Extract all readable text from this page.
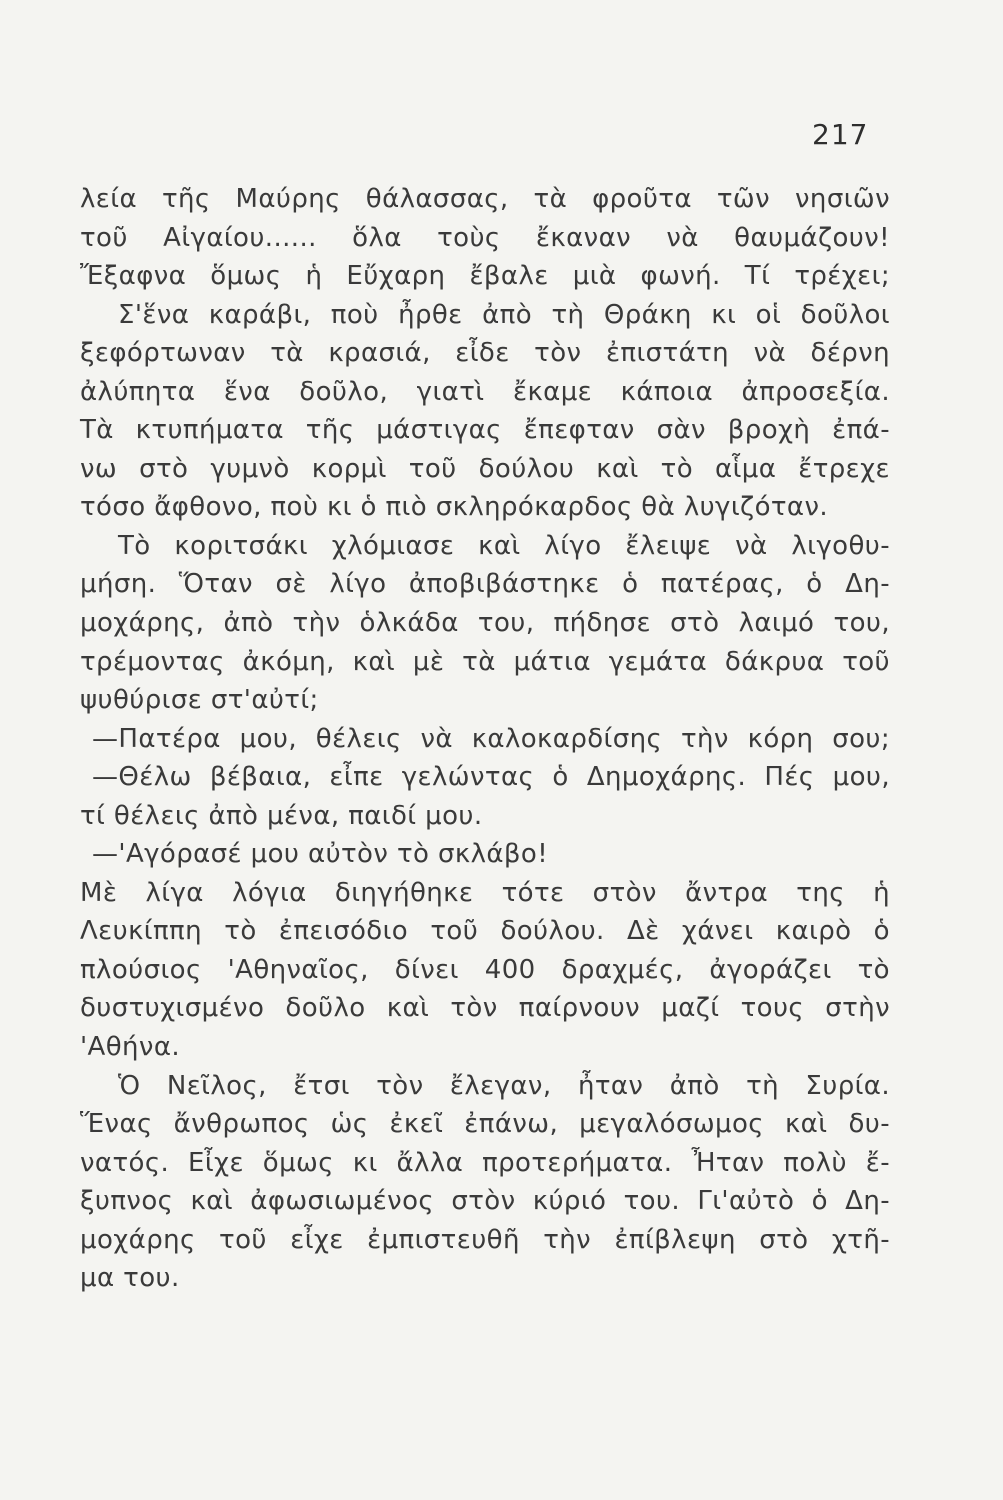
217
λεία τῆς Μαύρης θάλασσας, τὰ φροῦτα τῶν νησιῶν
τοῦ Αἰγαίου...... ὅλα τοὺς ἔκαναν νὰ θαυμάζουν!
Ἔξαφνα ὅμως ἡ Εὔχαρη ἔβαλε μιὰ φωνή. Τί τρέχει;
Σ'ἕνα καράβι, ποὺ ἦρθε ἀπὸ τὴ Θράκη κι οἱ δοῦλοι
ξεφόρτωναν τὰ κρασιά, εἶδε τὸν ἐπιστάτη νὰ δέρνη
ἀλύπητα ἕνα δοῦλο, γιατὶ ἔκαμε κάποια ἀπροσεξία.
Τὰ κτυπήματα τῆς μάστιγας ἔπεφταν σὰν βροχὴ ἐπά-
νω στὸ γυμνὸ κορμὶ τοῦ δούλου καὶ τὸ αἷμα ἔτρεχε
τόσο ἄφθονο, ποὺ κι ὁ πιὸ σκληρόκαρδος θὰ λυγιζόταν.
Τὸ κοριτσάκι χλόμιασε καὶ λίγο ἔλειψε νὰ λιγοθυ-
μήση. Ὅταν σὲ λίγο ἀποβιβάστηκε ὁ πατέρας, ὁ Δη-
μοχάρης, ἀπὸ τὴν ὁλκάδα του, πήδησε στὸ λαιμό του,
τρέμοντας ἀκόμη, καὶ μὲ τὰ μάτια γεμάτα δάκρυα τοῦ
ψυθύρισε στ'αὐτί;
—Πατέρα μου, θέλεις νὰ καλοκαρδίσης τὴν κόρη σου;
—Θέλω βέβαια, εἶπε γελώντας ὁ Δημοχάρης. Πές μου,
τί θέλεις ἀπὸ μένα, παιδί μου.
—'Αγόρασέ μου αὐτὸν τὸ σκλάβο!
Μὲ λίγα λόγια διηγήθηκε τότε στὸν ἄντρα της ἡ
Λευκίππη τὸ ἐπεισόδιο τοῦ δούλου. Δὲ χάνει καιρὸ ὁ
πλούσιος 'Αθηναῖος, δίνει 400 δραχμές, ἀγοράζει τὸ
δυστυχισμένο δοῦλο καὶ τὸν παίρνουν μαζί τους στὴν
'Αθήνα.
Ὁ Νεῖλος, ἔτσι τὸν ἔλεγαν, ἦταν ἀπὸ τὴ Συρία.
Ἕνας ἄνθρωπος ὡς ἐκεῖ ἐπάνω, μεγαλόσωμος καὶ δυ-
νατός. Εἶχε ὅμως κι ἄλλα προτερήματα. Ἦταν πολὺ ἔ-
ξυπνος καὶ ἀφωσιωμένος στὸν κύριό του. Γι'αὐτὸ ὁ Δη-
μοχάρης τοῦ εἶχε ἐμπιστευθῆ τὴν ἐπίβλεψη στὸ χτῆ-
μα του.
